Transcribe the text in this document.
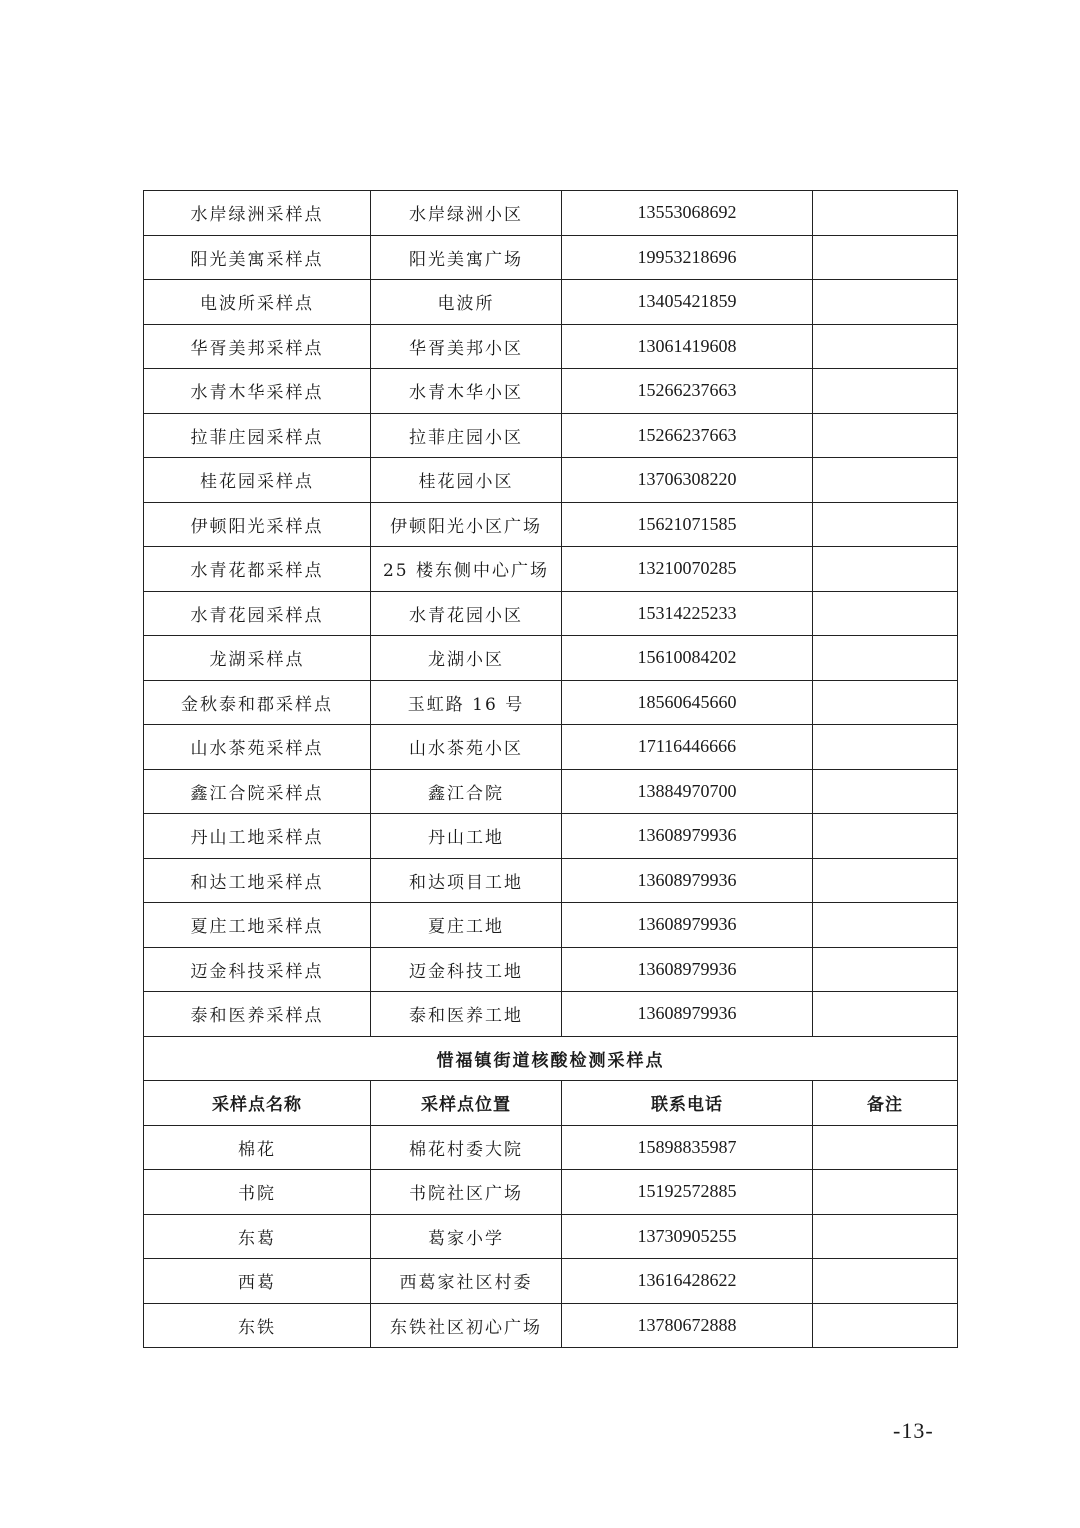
水岸绿洲采样点	水岸绿洲小区	13553068692	
阳光美寓采样点	阳光美寓广场	19953218696	
电波所采样点	电波所	13405421859	
华胥美邦采样点	华胥美邦小区	13061419608	
水青木华采样点	水青木华小区	15266237663	
拉菲庄园采样点	拉菲庄园小区	15266237663	
桂花园采样点	桂花园小区	13706308220	
伊顿阳光采样点	伊顿阳光小区广场	15621071585	
水青花都采样点	25 楼东侧中心广场	13210070285	
水青花园采样点	水青花园小区	15314225233	
龙湖采样点	龙湖小区	15610084202	
金秋泰和郡采样点	玉虹路 16 号	18560645660	
山水茶苑采样点	山水茶苑小区	17116446666	
鑫江合院采样点	鑫江合院	13884970700	
丹山工地采样点	丹山工地	13608979936	
和达工地采样点	和达项目工地	13608979936	
夏庄工地采样点	夏庄工地	13608979936	
迈金科技采样点	迈金科技工地	13608979936	
泰和医养采样点	泰和医养工地	13608979936	
惜福镇街道核酸检测采样点			
采样点名称	采样点位置	联系电话	备注
棉花	棉花村委大院	15898835987	
书院	书院社区广场	15192572885	
东葛	葛家小学	13730905255	
西葛	西葛家社区村委	13616428622	
东铁	东铁社区初心广场	13780672888	
-13-
